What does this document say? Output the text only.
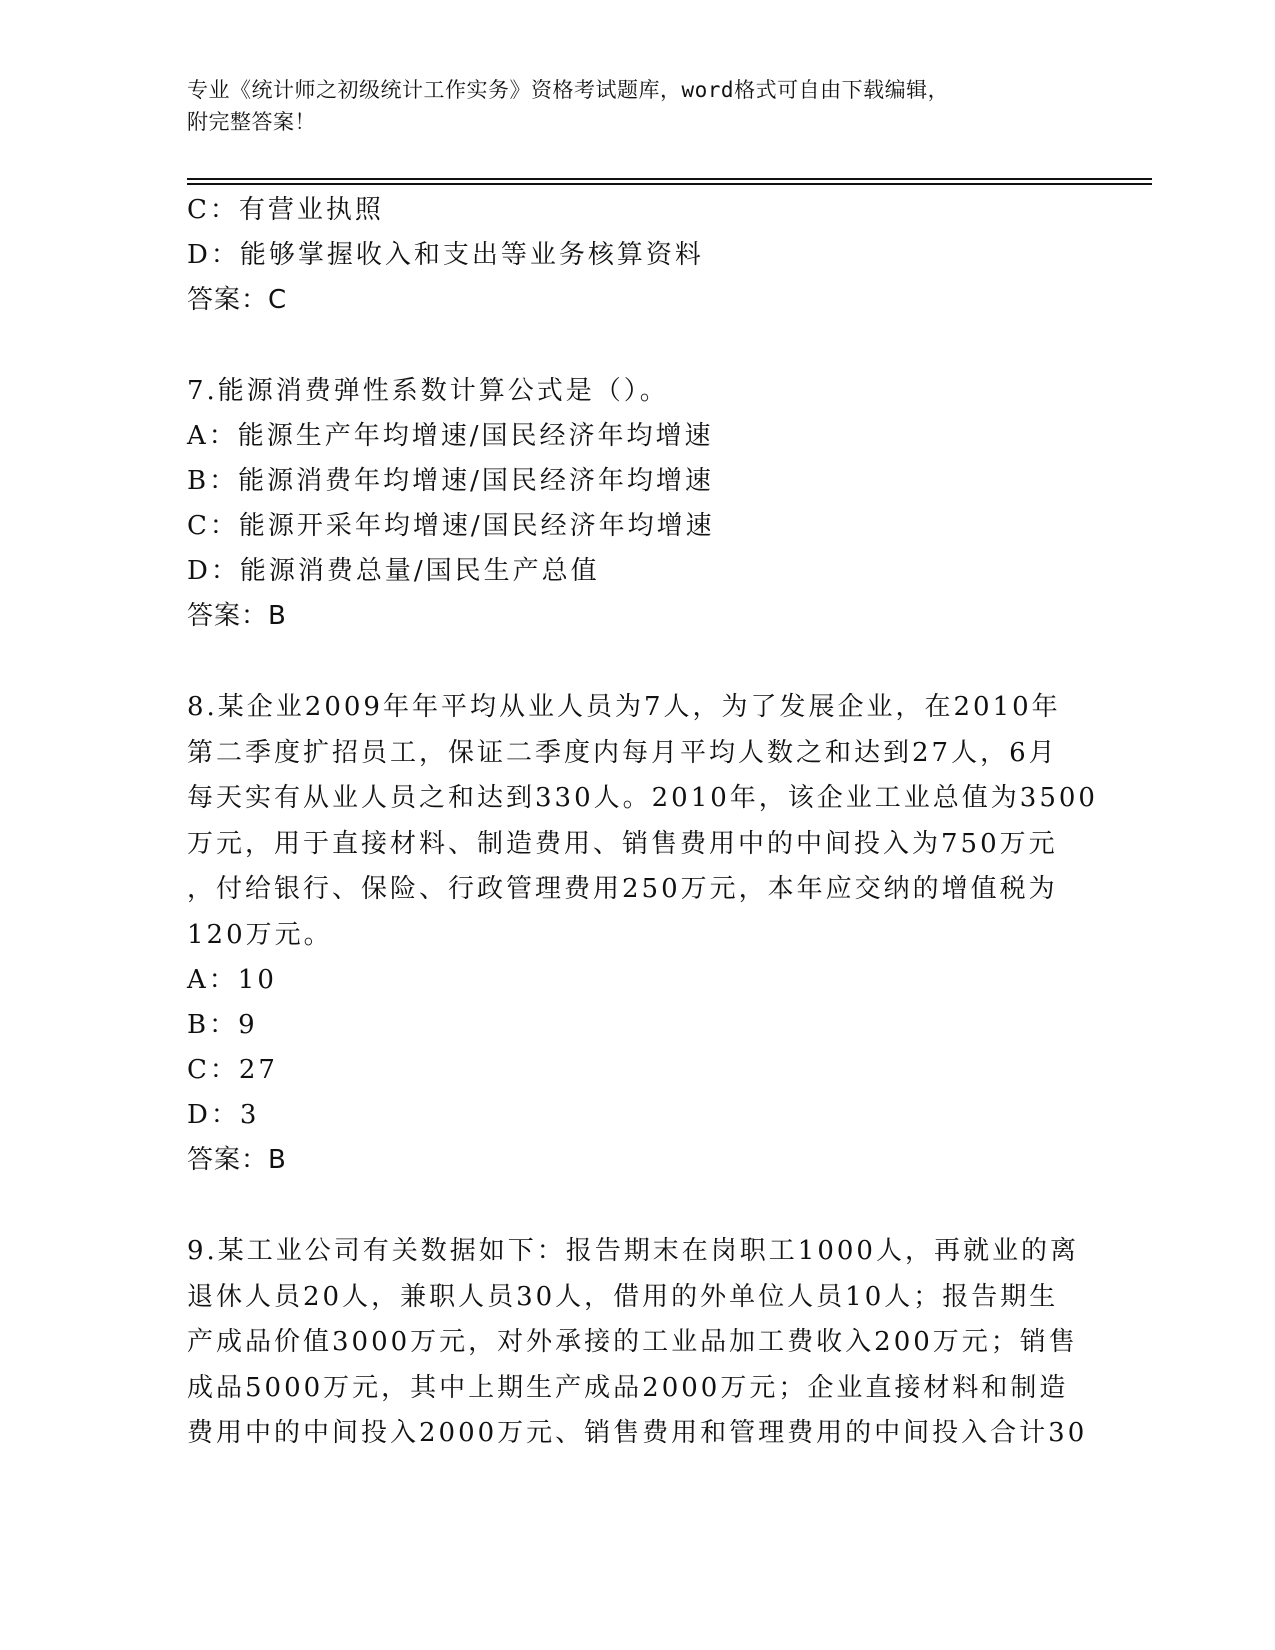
专业《统计师之初级统计工作实务》资格考试题库，word格式可自由下载编辑，
附完整答案！
C：有营业执照
D：能够掌握收入和支出等业务核算资料
答案：C
7.能源消费弹性系数计算公式是（）。
A：能源生产年均增速/国民经济年均增速
B：能源消费年均增速/国民经济年均增速
C：能源开采年均增速/国民经济年均增速
D：能源消费总量/国民生产总值
答案：B
8.某企业2009年年平均从业人员为7人，为了发展企业，在2010年
第二季度扩招员工，保证二季度内每月平均人数之和达到27人，6月
每天实有从业人员之和达到330人。2010年，该企业工业总值为3500
万元，用于直接材料、制造费用、销售费用中的中间投入为750万元
，付给银行、保险、行政管理费用250万元，本年应交纳的增值税为
120万元。
A：10
B：9
C：27
D：3
答案：B
9.某工业公司有关数据如下：报告期末在岗职工1000人，再就业的离
退休人员20人，兼职人员30人，借用的外单位人员10人；报告期生
产成品价值3000万元，对外承接的工业品加工费收入200万元；销售
成品5000万元，其中上期生产成品2000万元；企业直接材料和制造
费用中的中间投入2000万元、销售费用和管理费用的中间投入合计30
